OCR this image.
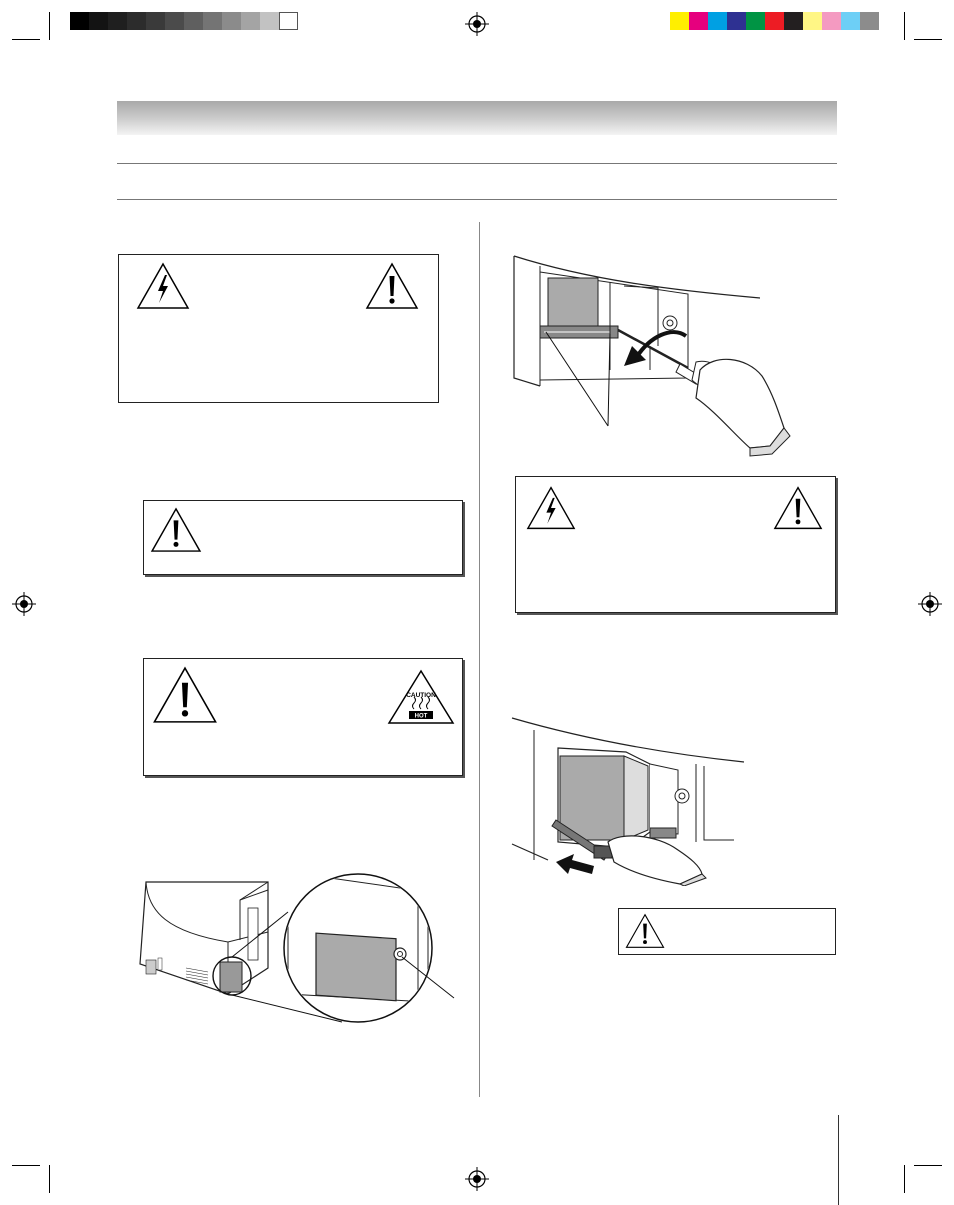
CAUTION
HOT
